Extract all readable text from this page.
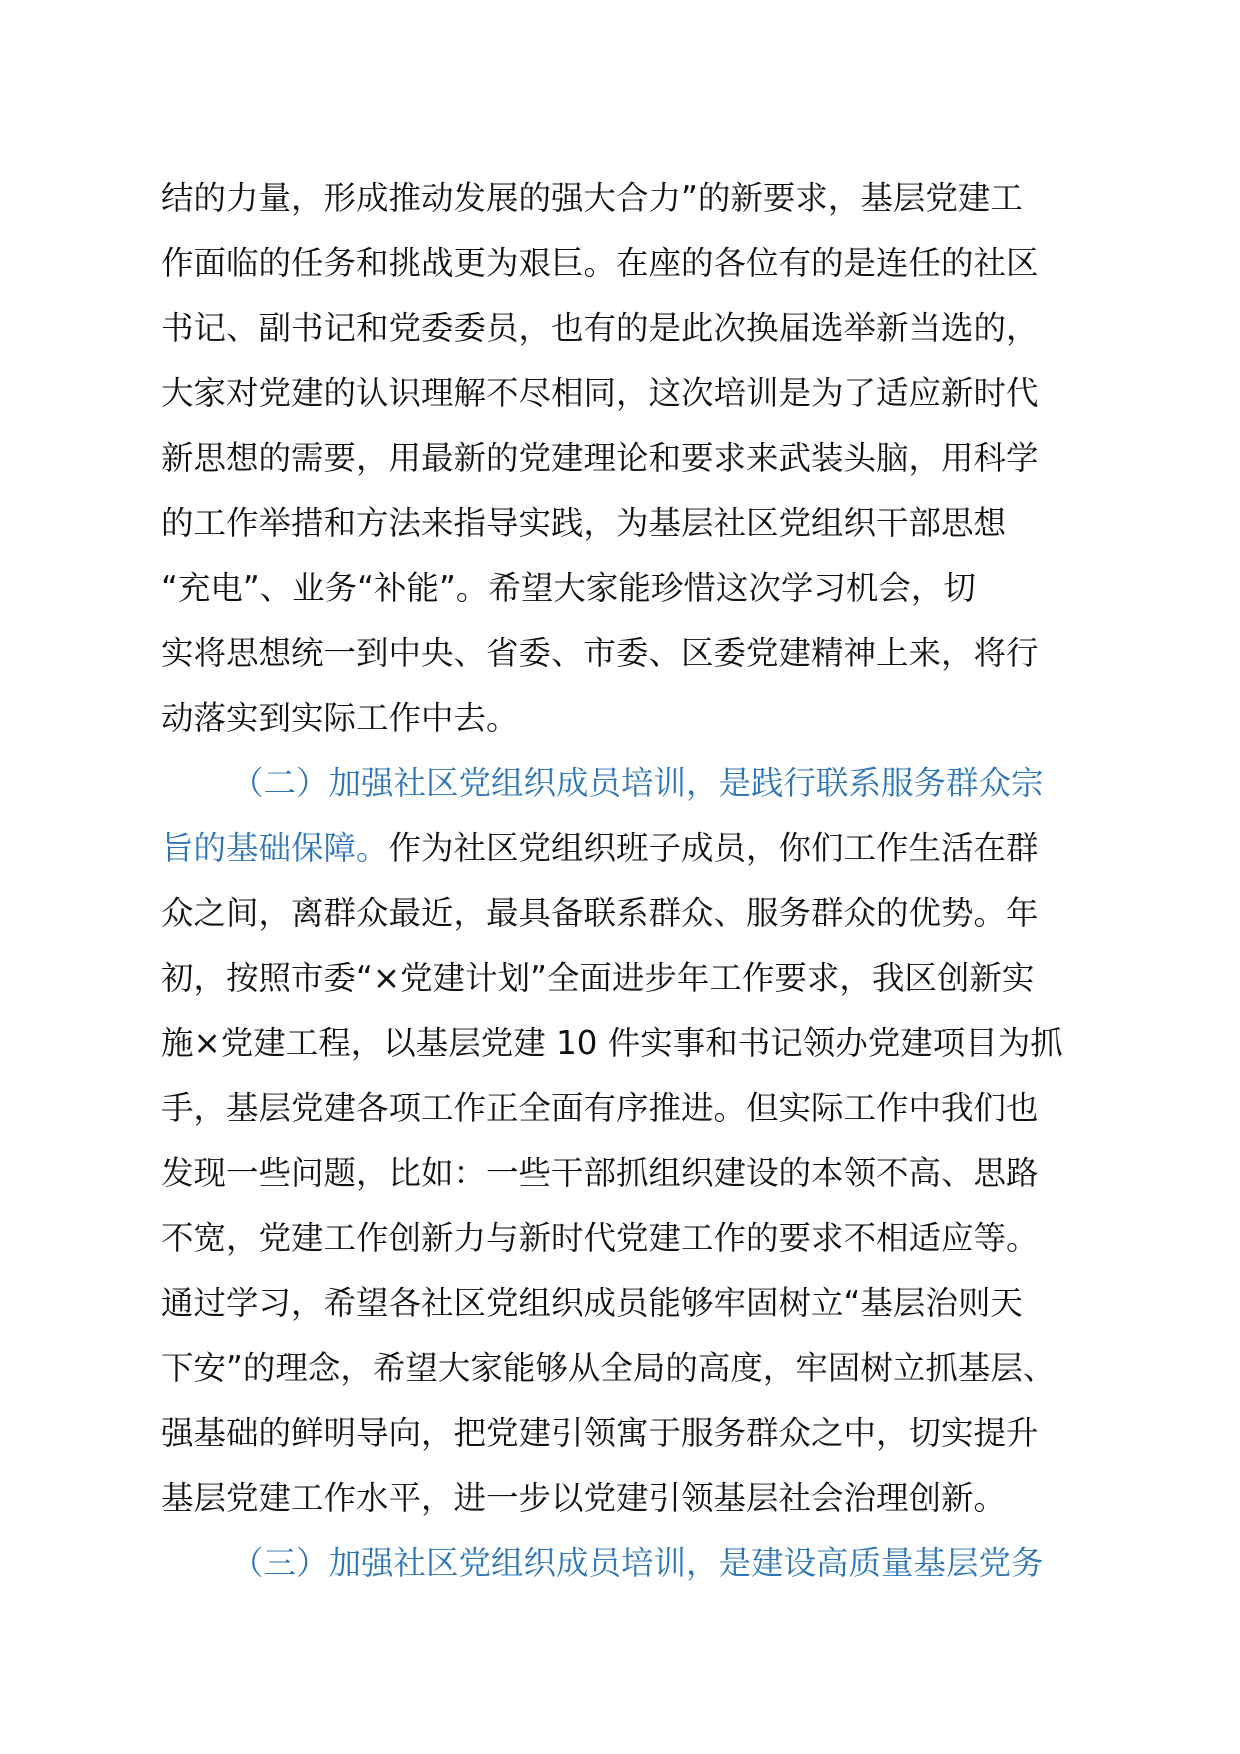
结的力量，形成推动发展的强大合力”的新要求，基层党建工
作面临的任务和挑战更为艰巨。在座的各位有的是连任的社区
书记、副书记和党委委员，也有的是此次换届选举新当选的，
大家对党建的认识理解不尽相同，这次培训是为了适应新时代
新思想的需要，用最新的党建理论和要求来武装头脑，用科学
的工作举措和方法来指导实践，为基层社区党组织干部思想
“充电”、业务“补能”。希望大家能珍惜这次学习机会，切
实将思想统一到中央、省委、市委、区委党建精神上来，将行
动落实到实际工作中去。
（二）加强社区党组织成员培训，是践行联系服务群众宗
旨的基础保障。作为社区党组织班子成员，你们工作生活在群
众之间，离群众最近，最具备联系群众、服务群众的优势。年
初，按照市委“×党建计划”全面进步年工作要求，我区创新实
施×党建工程，以基层党建 10 件实事和书记领办党建项目为抓
手，基层党建各项工作正全面有序推进。但实际工作中我们也
发现一些问题，比如：一些干部抓组织建设的本领不高、思路
不宽，党建工作创新力与新时代党建工作的要求不相适应等。
通过学习，希望各社区党组织成员能够牢固树立“基层治则天
下安”的理念，希望大家能够从全局的高度，牢固树立抓基层、
强基础的鲜明导向，把党建引领寓于服务群众之中，切实提升
基层党建工作水平，进一步以党建引领基层社会治理创新。
（三）加强社区党组织成员培训，是建设高质量基层党务
